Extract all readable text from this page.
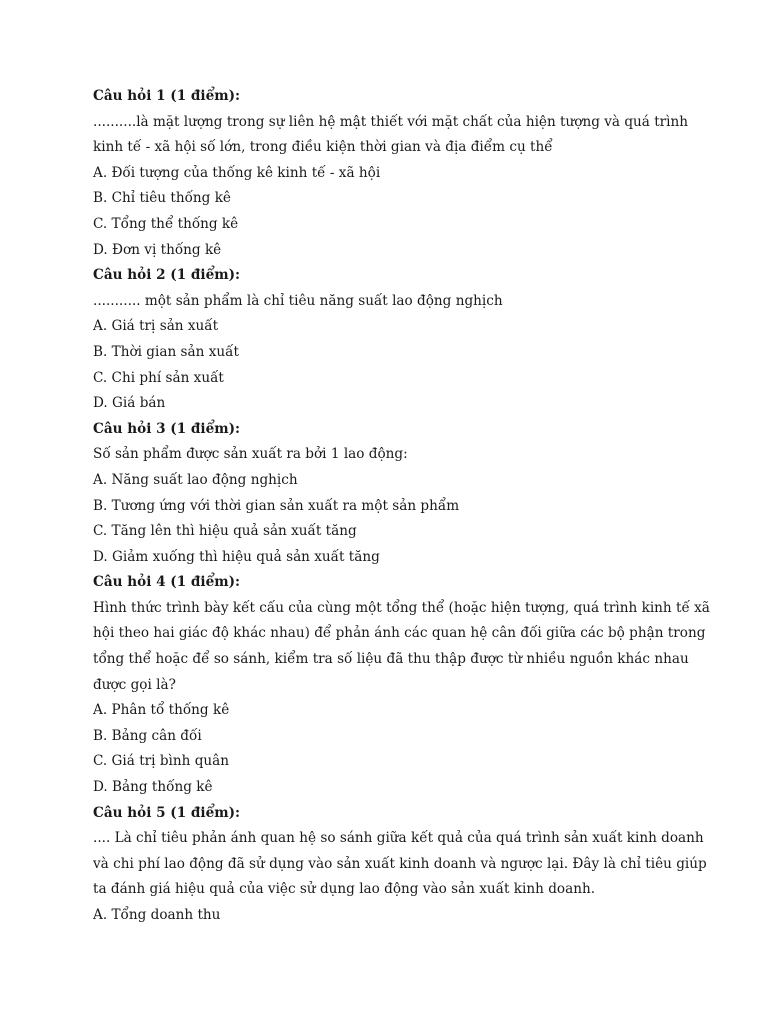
Câu hỏi 1 (1 điểm):
..........là mặt lượng trong sự liên hệ mật thiết với mặt chất của hiện tượng và quá trình
kinh tế - xã hội số lớn, trong điều kiện thời gian và địa điểm cụ thể
A. Đối tượng của thống kê kinh tế - xã hội
B. Chỉ tiêu thống kê
C. Tổng thể thống kê
D. Đơn vị thống kê
Câu hỏi 2 (1 điểm):
........... một sản phẩm là chỉ tiêu năng suất lao động nghịch
A. Giá trị sản xuất
B. Thời gian sản xuất
C. Chi phí sản xuất
D. Giá bán
Câu hỏi 3 (1 điểm):
Số sản phẩm được sản xuất ra bởi 1 lao động:
A. Năng suất lao động nghịch
B. Tương ứng với thời gian sản xuất ra một sản phẩm
C. Tăng lên thì hiệu quả sản xuất tăng
D. Giảm xuống thì hiệu quả sản xuất tăng
Câu hỏi 4 (1 điểm):
Hình thức trình bày kết cấu của cùng một tổng thể (hoặc hiện tượng, quá trình kinh tế xã
hội theo hai giác độ khác nhau) để phản ánh các quan hệ cân đối giữa các bộ phận trong
tổng thể hoặc để so sánh, kiểm tra số liệu đã thu thập được từ nhiều nguồn khác nhau
được gọi là?
A. Phân tổ thống kê
B. Bảng cân đối
C. Giá trị bình quân
D. Bảng thống kê
Câu hỏi 5 (1 điểm):
.... Là chỉ tiêu phản ánh quan hệ so sánh giữa kết quả của quá trình sản xuất kinh doanh
và chi phí lao động đã sử dụng vào sản xuất kinh doanh và ngược lại. Đây là chỉ tiêu giúp
ta đánh giá hiệu quả của việc sử dụng lao động vào sản xuất kinh doanh.
A. Tổng doanh thu
